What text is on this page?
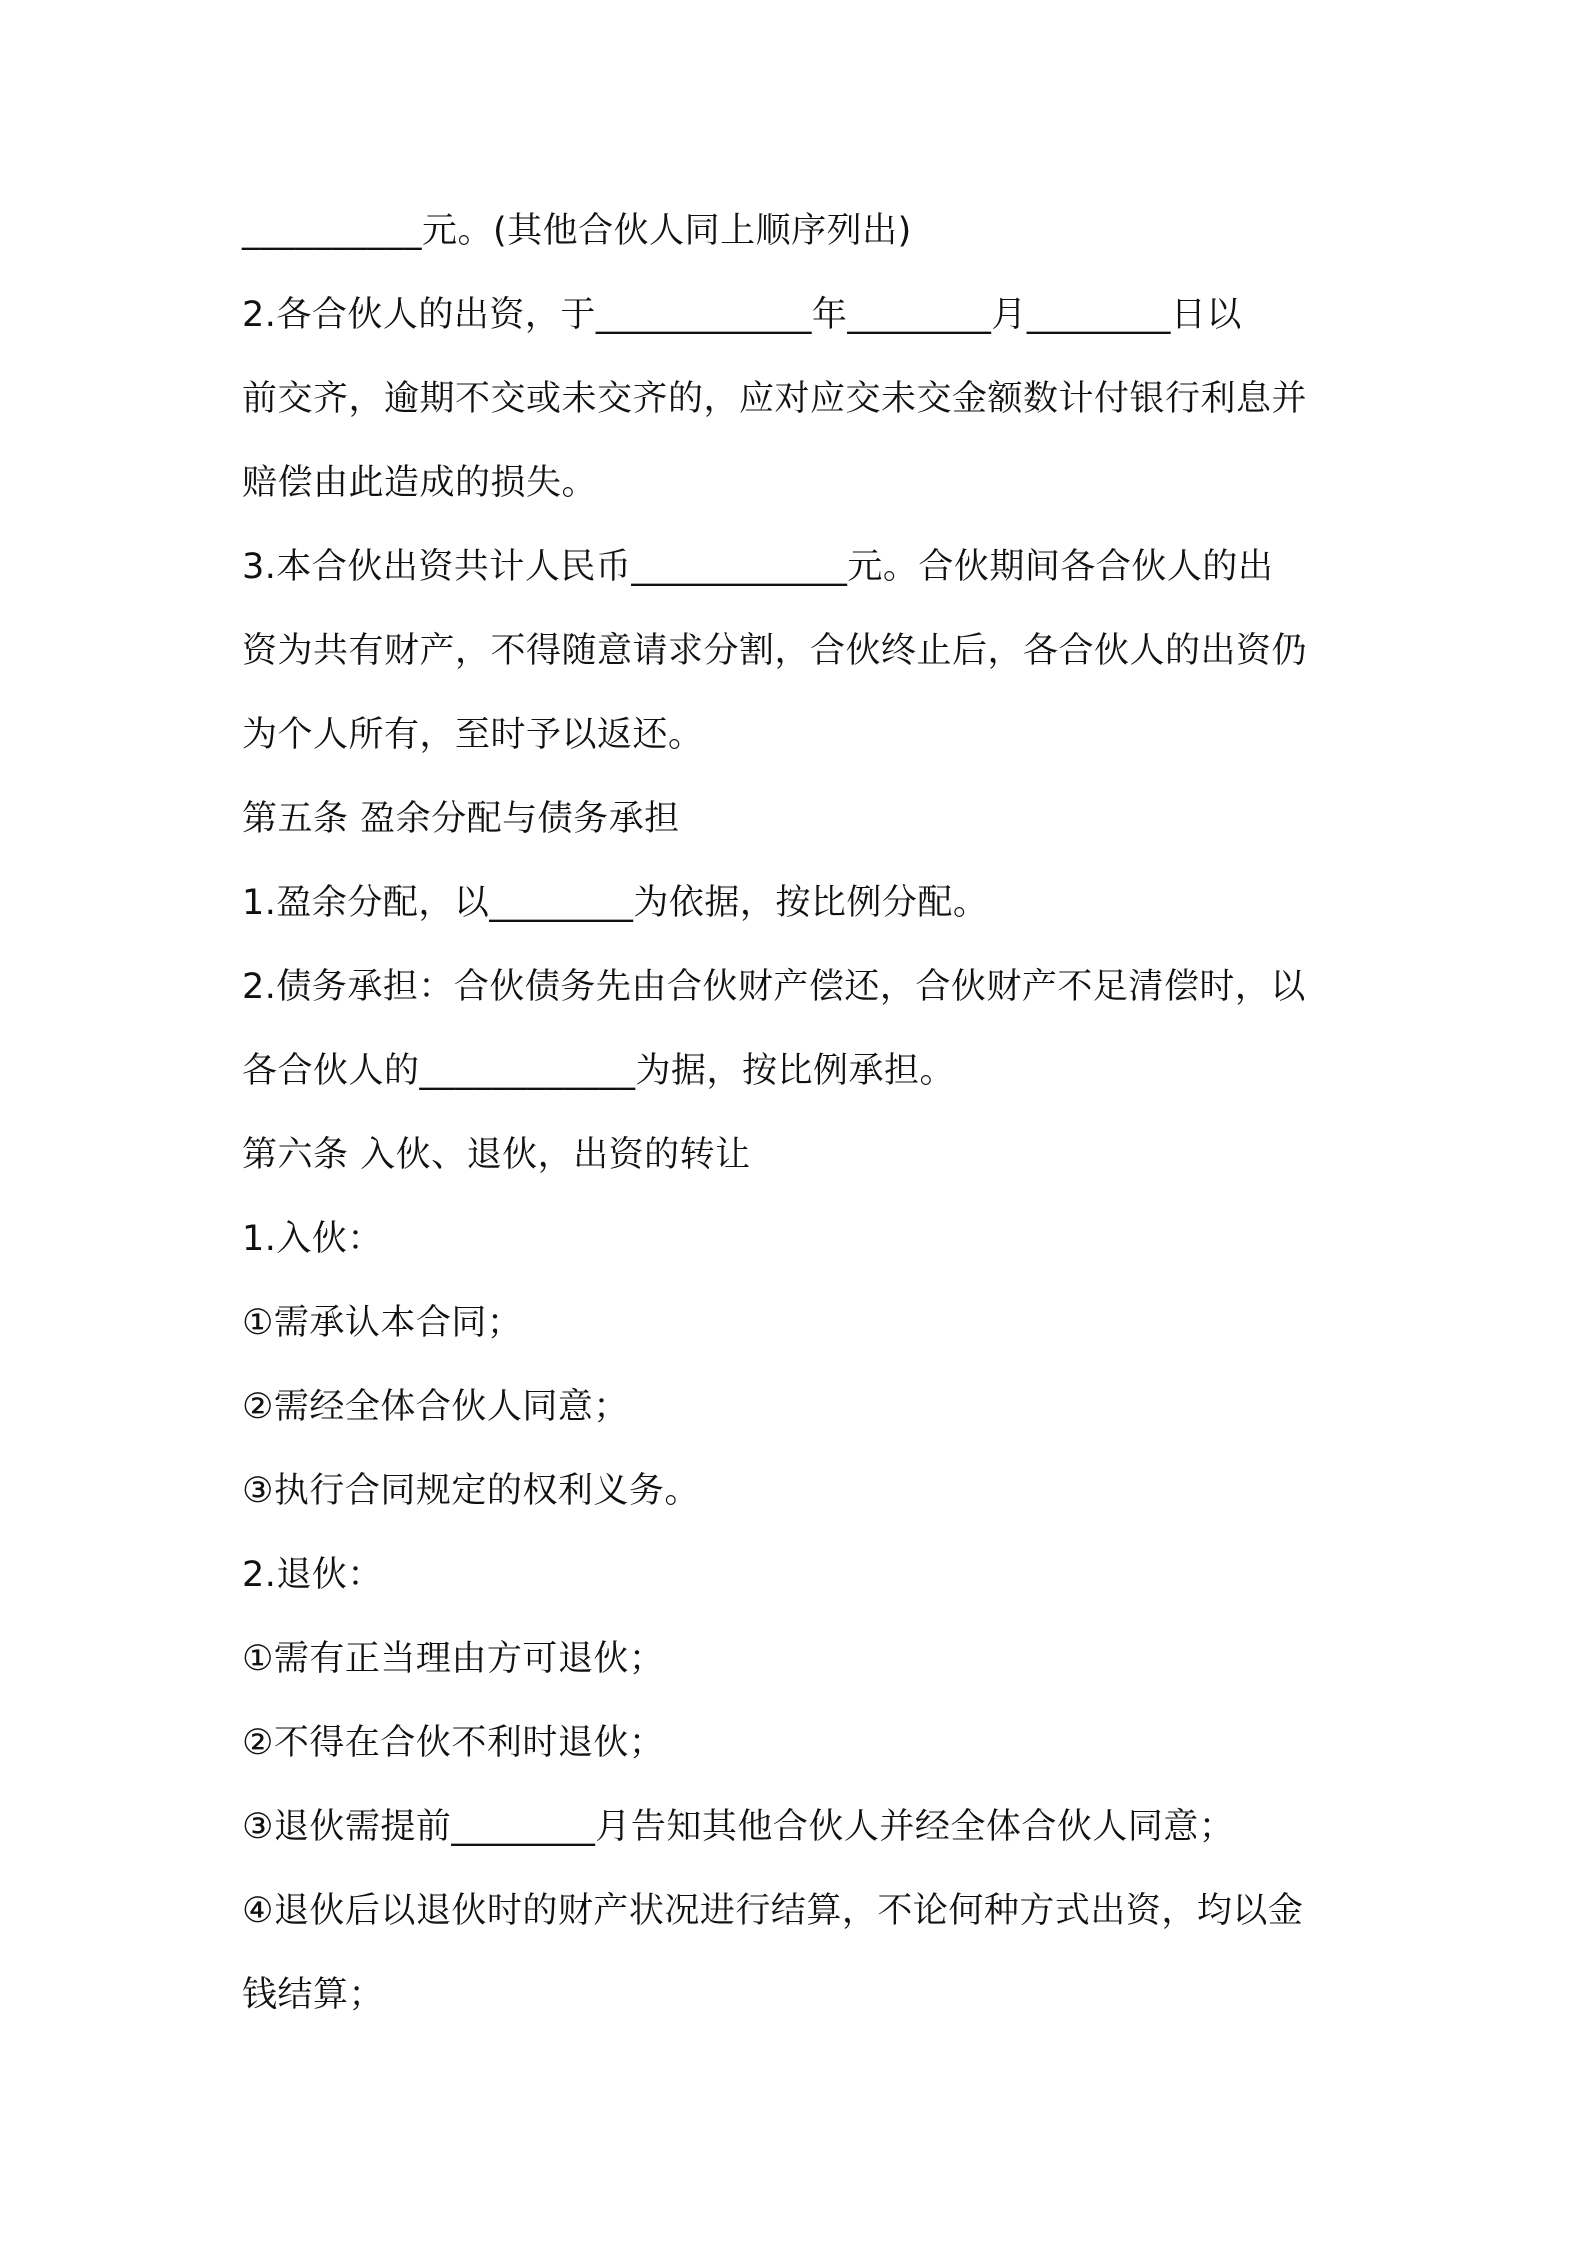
__________元。(其他合伙人同上顺序列出)
2.各合伙人的出资，于____________年________月________日以
前交齐，逾期不交或未交齐的，应对应交未交金额数计付银行利息并
赔偿由此造成的损失。
3.本合伙出资共计人民币____________元。合伙期间各合伙人的出
资为共有财产，不得随意请求分割，合伙终止后，各合伙人的出资仍
为个人所有，至时予以返还。
第五条 盈余分配与债务承担
1.盈余分配，以________为依据，按比例分配。
2.债务承担：合伙债务先由合伙财产偿还，合伙财产不足清偿时，以
各合伙人的____________为据，按比例承担。
第六条 入伙、退伙，出资的转让
1.入伙：
①需承认本合同；
②需经全体合伙人同意；
③执行合同规定的权利义务。
2.退伙：
①需有正当理由方可退伙；
②不得在合伙不利时退伙；
③退伙需提前________月告知其他合伙人并经全体合伙人同意；
④退伙后以退伙时的财产状况进行结算，不论何种方式出资，均以金
钱结算；
